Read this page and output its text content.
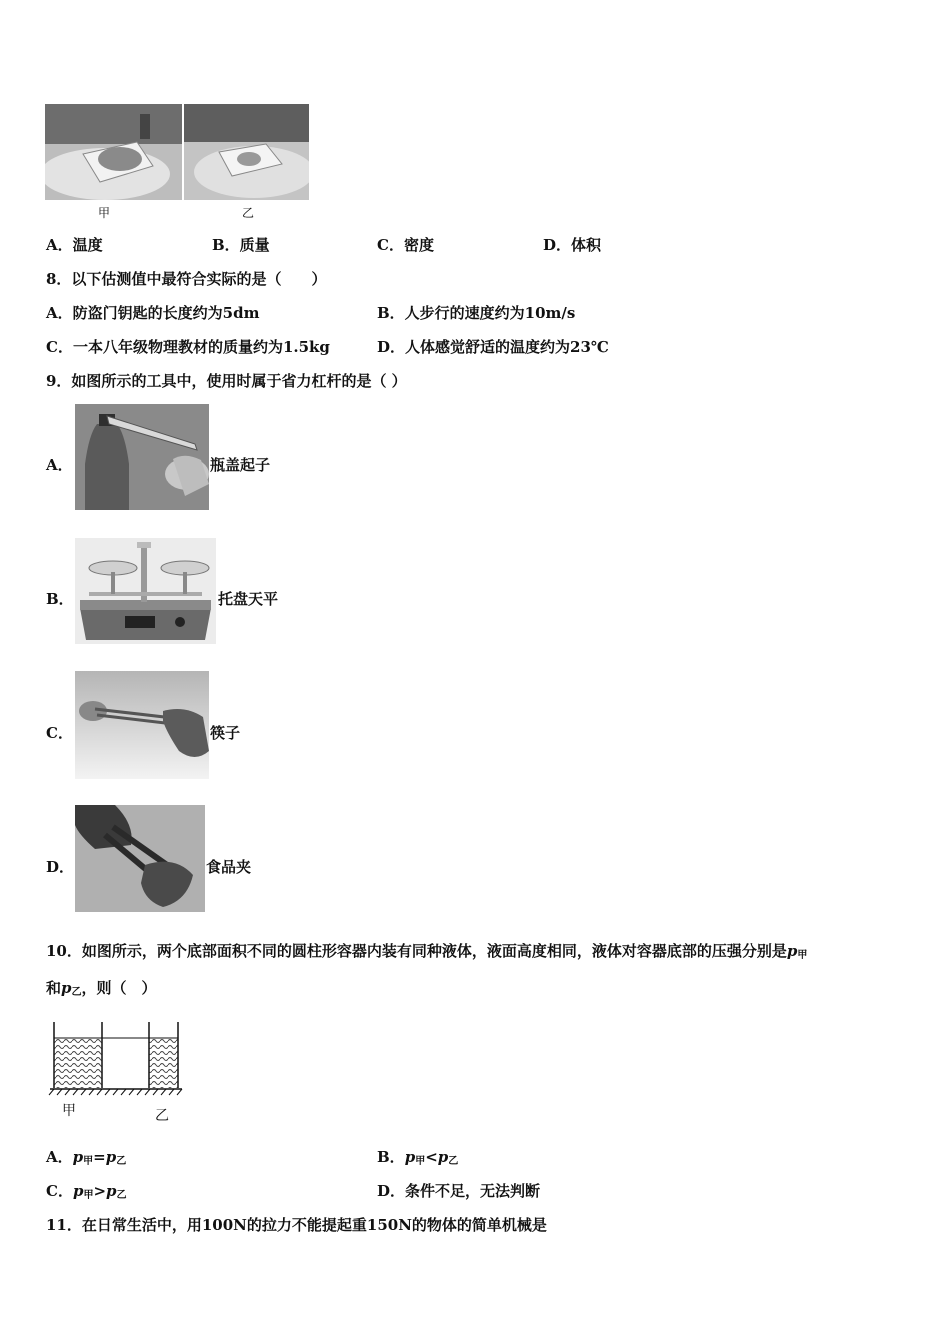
甲	乙
A．温度	B．质量	C．密度	D．体积
8．以下估测值中最符合实际的是（　　）
A．防盗门钥匙的长度约为5dm	B．人步行的速度约为10m/s
C．一本八年级物理教材的质量约为1.5kg	D．人体感觉舒适的温度约为23℃
9．如图所示的工具中，使用时属于省力杠杆的是（ ）
A．	瓶盖起子
B．	托盘天平
C．	筷子
D．	食品夹
10．如图所示，两个底部面积不同的圆柱形容器内装有同种液体，液面高度相同，液体对容器底部的压强分别是p甲
和p乙，则（　）
甲	乙
A．p甲=p乙	B．p甲<p乙
C．p甲>p乙	D．条件不足，无法判断
11．在日常生活中，用100N的拉力不能提起重150N的物体的简单机械是
